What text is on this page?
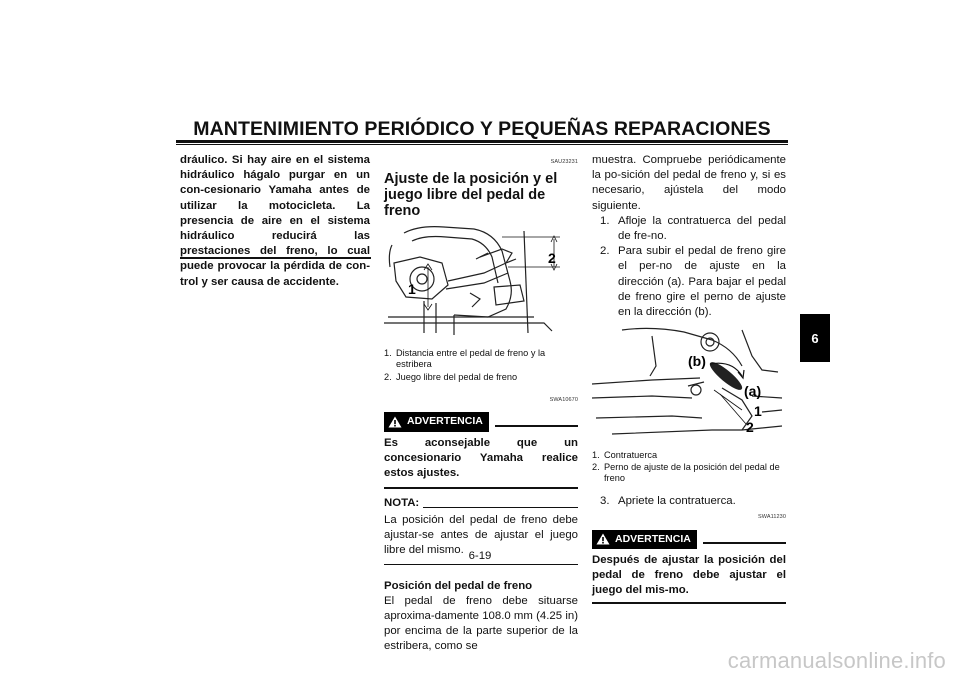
MANTENIMIENTO PERIÓDICO Y PEQUEÑAS REPARACIONES
dráulico. Si hay aire en el sistema hidráulico hágalo purgar en un con-cesionario Yamaha antes de utilizar la motocicleta. La presencia de aire en el sistema hidráulico reducirá las prestaciones del freno, lo cual puede provocar la pérdida de con-trol y ser causa de accidente.
SAU23231
Ajuste de la posición y el juego libre del pedal de freno
1
2
1. Distancia entre el pedal de freno y la estribera
2. Juego libre del pedal de freno
SWA10670
ADVERTENCIA
Es aconsejable que un concesionario Yamaha realice estos ajustes.
NOTA:
La posición del pedal de freno debe ajustar-se antes de ajustar el juego libre del mismo.
Posición del pedal de freno
El pedal de freno debe situarse aproxima-damente 108.0 mm (4.25 in) por encima de la parte superior de la estribera, como se
muestra. Compruebe periódicamente la po-sición del pedal de freno y, si es necesario, ajústela del modo siguiente.
1. Afloje la contratuerca del pedal de fre-no.
2. Para subir el pedal de freno gire el per-no de ajuste en la dirección (a). Para bajar el pedal de freno gire el perno de ajuste en la dirección (b).
(b)
(a)
1
2
1. Contratuerca
2. Perno de ajuste de la posición del pedal de freno
3. Apriete la contratuerca.
SWA11230
ADVERTENCIA
Después de ajustar la posición del pedal de freno debe ajustar el juego del mis-mo.
6
6-19
carmanualsonline.info
